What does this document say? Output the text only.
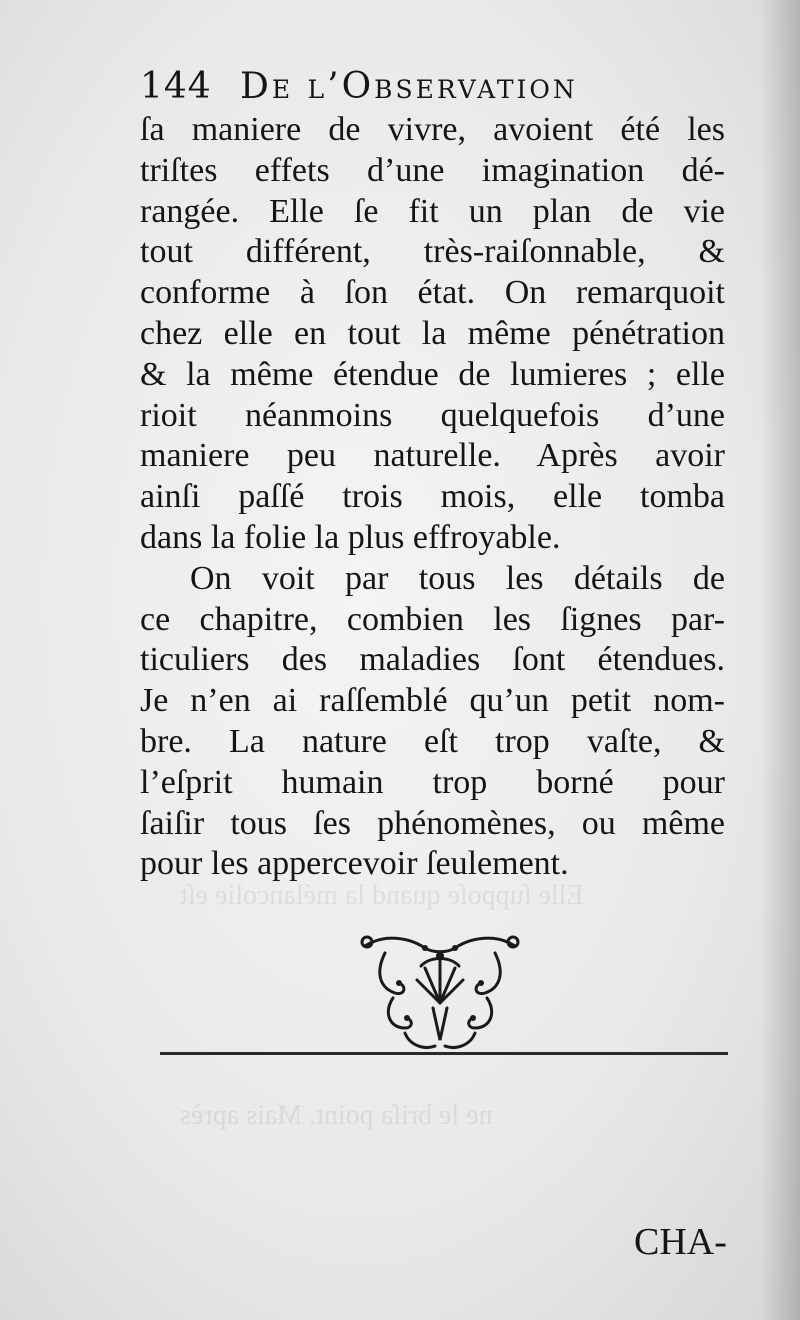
Elle ſuppoſe quand la mélancolie eſt
ne le briſa point. Mais après
144 De l’Observation
ſa maniere de vivre, avoient été les
triſtes effets d’une imagination dé-
rangée. Elle ſe fit un plan de vie
tout différent, très-raiſonnable, &
conforme à ſon état. On remarquoit
chez elle en tout la même pénétration
& la même étendue de lumieres ; elle
rioit néanmoins quelquefois d’une
maniere peu naturelle. Après avoir
ainſi paſſé trois mois, elle tomba
dans la folie la plus effroyable.
On voit par tous les détails de
ce chapitre, combien les ſignes par-
ticuliers des maladies ſont étendues.
Je n’en ai raſſemblé qu’un petit nom-
bre. La nature eſt trop vaſte, &
l’eſprit humain trop borné pour
ſaiſir tous ſes phénomènes, ou même
pour les appercevoir ſeulement.
CHA-
